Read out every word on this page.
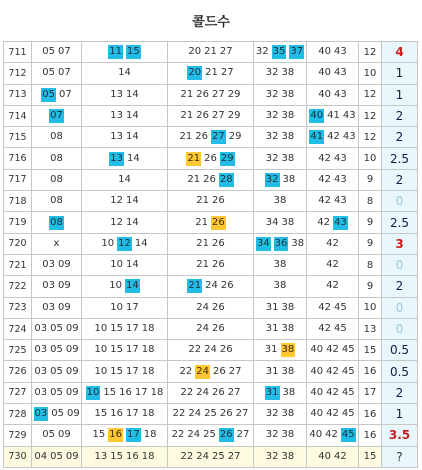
콜드수
711	05 07	11 15	20 21 27	32 35 37	40 43	12	4
712	05 07	14	20 21 27	32 38	40 43	10	1
713	05 07	13 14	21 26 27 29	32 38	40 43	12	1
714	07	13 14	21 26 27 29	32 38	40 41 43	12	2
715	08	13 14	21 26 27 29	32 38	41 42 43	12	2
716	08	13 14	21 26 29	32 38	42 43	10	2.5
717	08	14	21 26 28	32 38	42 43	9	2
718	08	12 14	21 26	38	42 43	8	0
719	08	12 14	21 26	34 38	42 43	9	2.5
720	x	10 12 14	21 26	34 36 38	42	9	3
721	03 09	10 14	21 26	38	42	8	0
722	03 09	10 14	21 24 26	38	42	9	2
723	03 09	10 17	24 26	31 38	42 45	10	0
724	03 05 09	10 15 17 18	24 26	31 38	42 45	13	0
725	03 05 09	10 15 17 18	22 24 26	31 38	40 42 45	15	0.5
726	03 05 09	10 15 17 18	22 24 26 27	31 38	40 42 45	16	0.5
727	03 05 09	10 15 16 17 18	22 24 26 27	31 38	40 42 45	17	2
728	03 05 09	15 16 17 18	22 24 25 26 27	32 38	40 42 45	16	1
729	05 09	15 16 17 18	22 24 25 26 27	32 38	40 42 45	16	3.5
730	04 05 09	13 15 16 18	22 24 25 27	32 38	40 42	15	?
